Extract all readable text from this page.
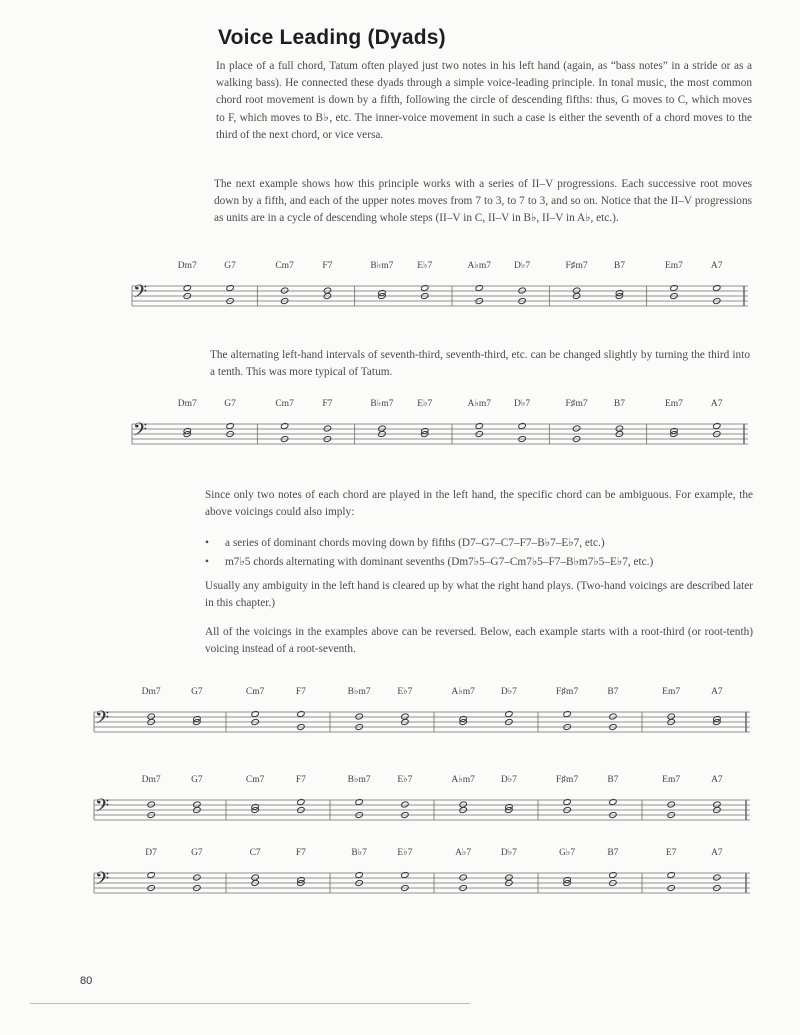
Voice Leading (Dyads)
In place of a full chord, Tatum often played just two notes in his left hand (again, as “bass notes” in a stride or as a walking bass). He connected these dyads through a simple voice-leading principle. In tonal music, the most common chord root movement is down by a fifth, following the circle of descending fifths: thus, G moves to C, which moves to F, which moves to B♭, etc. The inner-voice movement in such a case is either the seventh of a chord moves to the third of the next chord, or vice versa.
The next example shows how this principle works with a series of II–V progressions. Each successive root moves down by a fifth, and each of the upper notes moves from 7 to 3, to 7 to 3, and so on. Notice that the II–V progressions as units are in a cycle of descending whole steps (II–V in C, II–V in B♭, II–V in A♭, etc.).
𝄢
Dm7	G7	Cm7	F7	B♭m7	E♭7	A♭m7 D♭7	F♯m7	B7	Em7	A7
The alternating left-hand intervals of seventh-third, seventh-third, etc. can be changed slightly by turning the third into a tenth. This was more typical of Tatum.
𝄢
Dm7	G7	Cm7	F7	B♭m7	E♭7	A♭m7 D♭7	F♯m7	B7	Em7	A7
Since only two notes of each chord are played in the left hand, the specific chord can be ambiguous. For example, the above voicings could also imply:
• a series of dominant chords moving down by fifths (D7–G7–C7–F7–B♭7–E♭7, etc.)
• m7♭5 chords alternating with dominant sevenths (Dm7♭5–G7–Cm7♭5–F7–B♭m7♭5–E♭7, etc.)
Usually any ambiguity in the left hand is cleared up by what the right hand plays. (Two-hand voicings are described later in this chapter.)
All of the voicings in the examples above can be reversed. Below, each example starts with a root-third (or root-tenth) voicing instead of a root-seventh.
𝄢
Dm7	G7	Cm7	F7	B♭m7	E♭7	A♭m7	D♭7	F♯m7	B7	Em7	A7
𝄢
Dm7	G7	Cm7	F7	B♭m7	E♭7	A♭m7	D♭7	F♯m7	B7	Em7	A7
𝄢
D7	G7	C7	F7	B♭7	E♭7	A♭7	D♭7	G♭7	B7	E7	A7
80
